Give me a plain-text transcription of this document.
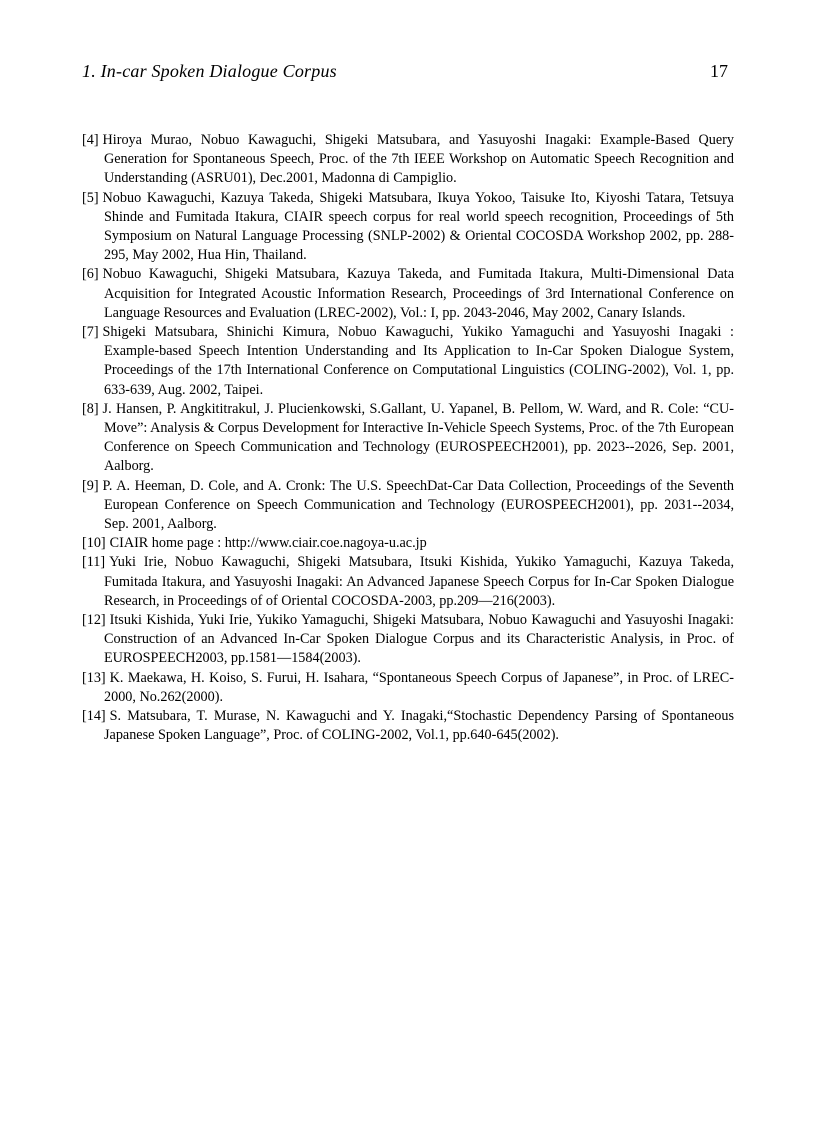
1. In-car Spoken Dialogue Corpus	17
[4] Hiroya Murao, Nobuo Kawaguchi, Shigeki Matsubara, and Yasuyoshi Inagaki: Example-Based Query Generation for Spontaneous Speech, Proc. of the 7th IEEE Workshop on Automatic Speech Recognition and Understanding (ASRU01), Dec.2001, Madonna di Campiglio.
[5] Nobuo Kawaguchi, Kazuya Takeda, Shigeki Matsubara, Ikuya Yokoo, Taisuke Ito, Kiyoshi Tatara, Tetsuya Shinde and Fumitada Itakura, CIAIR speech corpus for real world speech recognition, Proceedings of 5th Symposium on Natural Language Processing (SNLP-2002) & Oriental COCOSDA Workshop 2002, pp. 288-295, May 2002, Hua Hin, Thailand.
[6] Nobuo Kawaguchi, Shigeki Matsubara, Kazuya Takeda, and Fumitada Itakura, Multi-Dimensional Data Acquisition for Integrated Acoustic Information Research, Proceedings of 3rd International Conference on Language Resources and Evaluation (LREC-2002), Vol.: I, pp. 2043-2046, May 2002, Canary Islands.
[7] Shigeki Matsubara, Shinichi Kimura, Nobuo Kawaguchi, Yukiko Yamaguchi and Yasuyoshi Inagaki : Example-based Speech Intention Understanding and Its Application to In-Car Spoken Dialogue System, Proceedings of the 17th International Conference on Computational Linguistics (COLING-2002), Vol. 1, pp. 633-639, Aug. 2002, Taipei.
[8] J. Hansen, P. Angkititrakul, J. Plucienkowski, S.Gallant, U. Yapanel, B. Pellom, W. Ward, and R. Cole: “CU-Move”: Analysis & Corpus Development for Interactive In-Vehicle Speech Systems, Proc. of the 7th European Conference on Speech Communication and Technology (EUROSPEECH2001), pp. 2023--2026, Sep. 2001, Aalborg.
[9] P. A. Heeman, D. Cole, and A. Cronk: The U.S. SpeechDat-Car Data Collection, Proceedings of the Seventh European Conference on Speech Communication and Technology (EUROSPEECH2001), pp. 2031--2034, Sep. 2001, Aalborg.
[10] CIAIR home page : http://www.ciair.coe.nagoya-u.ac.jp
[11] Yuki Irie, Nobuo Kawaguchi, Shigeki Matsubara, Itsuki Kishida, Yukiko Yamaguchi, Kazuya Takeda, Fumitada Itakura, and Yasuyoshi Inagaki: An Advanced Japanese Speech Corpus for In-Car Spoken Dialogue Research, in Proceedings of of Oriental COCOSDA-2003, pp.209—216(2003).
[12] Itsuki Kishida, Yuki Irie, Yukiko Yamaguchi, Shigeki Matsubara, Nobuo Kawaguchi and Yasuyoshi Inagaki: Construction of an Advanced In-Car Spoken Dialogue Corpus and its Characteristic Analysis, in Proc. of EUROSPEECH2003, pp.1581—1584(2003).
[13] K. Maekawa, H. Koiso, S. Furui, H. Isahara, “Spontaneous Speech Corpus of Japanese”, in Proc. of LREC-2000, No.262(2000).
[14] S. Matsubara, T. Murase, N. Kawaguchi and Y. Inagaki,“Stochastic Dependency Parsing of Spontaneous Japanese Spoken Language”, Proc. of COLING-2002, Vol.1, pp.640-645(2002).
